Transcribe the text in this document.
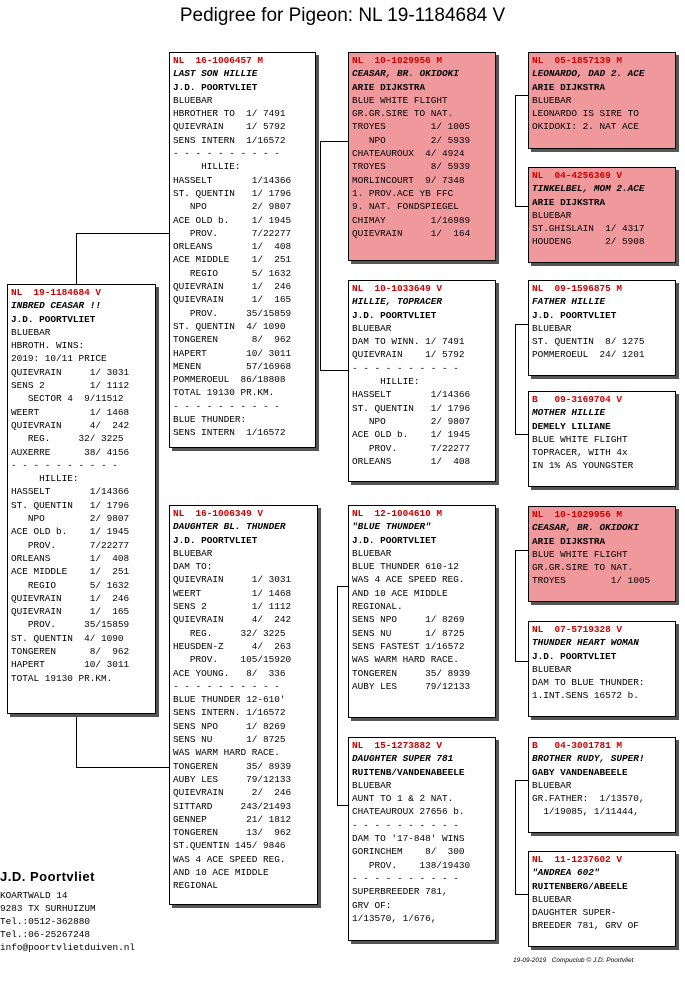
Pedigree for Pigeon: NL 19-1184684 V
NL  19-1184684 V
INBRED CEASAR !!
J.D. POORTVLIET
BLUEBAR
HBROTH. WINS:
2019: 10/11 PRICE
QUIEVRAIN     1/ 3031
SENS 2        1/ 1112
SECTOR 4  9/11512
WEERT         1/ 1468
QUIEVRAIN     4/  242
REG.     32/ 3225
AUXERRE      38/ 4156
- - - - - - - - - -
HILLIE:
HASSELT       1/14366
ST. QUENTIN   1/ 1796
NPO        2/ 9807
ACE OLD b.    1/ 1945
PROV.      7/22277
ORLEANS       1/  408
ACE MIDDLE    1/  251
REGIO      5/ 1632
QUIEVRAIN     1/  246
QUIEVRAIN     1/  165
PROV.     35/15859
ST. QUENTIN  4/ 1090
TONGEREN      8/  962
HAPERT       10/ 3011
TOTAL 19130 PR.KM.
NL  16-1006457 M
LAST SON HILLIE
J.D. POORTVLIET
BLUEBAR
HBROTHER TO  1/ 7491
QUIEVRAIN    1/ 5792
SENS INTERN  1/16572
- - - - - - - - - -
HILLIE:
HASSELT       1/14366
ST. QUENTIN   1/ 1796
NPO        2/ 9807
ACE OLD b.    1/ 1945
PROV.      7/22277
ORLEANS       1/  408
ACE MIDDLE    1/  251
REGIO      5/ 1632
QUIEVRAIN     1/  246
QUIEVRAIN     1/  165
PROV.     35/15859
ST. QUENTIN  4/ 1090
TONGEREN      8/  962
HAPERT       10/ 3011
MENEN        57/16968
POMMEROEUL  86/18808
TOTAL 19130 PR.KM.
- - - - - - - - - -
BLUE THUNDER:
SENS INTERN  1/16572
NL  16-1006349 V
DAUGHTER BL. THUNDER
J.D. POORTVLIET
BLUEBAR
DAM TO:
QUIEVRAIN     1/ 3031
WEERT         1/ 1468
SENS 2        1/ 1112
QUIEVRAIN     4/  242
REG.     32/ 3225
HEUSDEN-Z     4/  263
PROV.    105/15920
ACE YOUNG.   8/  336
- - - - - - - - - -
BLUE THUNDER 12-610'
SENS INTERN. 1/16572
SENS NPO     1/ 8269
SENS NU      1/ 8725
WAS WARM HARD RACE.
TONGEREN     35/ 8939
AUBY LES     79/12133
QUIEVRAIN     2/  246
SITTARD     243/21493
GENNEP       21/ 1812
TONGEREN     13/  962
ST.QUENTIN 145/ 9846
WAS 4 ACE SPEED REG.
AND 10 ACE MIDDLE
REGIONAL
NL  10-1029956 M
CEASAR, BR. OKIDOKI
ARIE DIJKSTRA
BLUE WHITE FLIGHT
GR.GR.SIRE TO NAT.
TROYES        1/ 1005
NPO        2/ 5939
CHATEAUROUX  4/ 4924
TROYES        8/ 5939
MORLINCOURT  9/ 7348
1. PROV.ACE YB FFC
9. NAT. FONDSPIEGEL
CHIMAY        1/16989
QUIEVRAIN     1/  164
NL  10-1033649 V
HILLIE, TOPRACER
J.D. POORTVLIET
BLUEBAR
DAM TO WINN. 1/ 7491
QUIEVRAIN    1/ 5792
- - - - - - - - - -
HILLIE:
HASSELT       1/14366
ST. QUENTIN   1/ 1796
NPO        2/ 9807
ACE OLD b.    1/ 1945
PROV.      7/22277
ORLEANS       1/  408
NL  12-1004610 M
"BLUE THUNDER"
J.D. POORTVLIET
BLUEBAR
BLUE THUNDER 610-12
WAS 4 ACE SPEED REG.
AND 10 ACE MIDDLE
REGIONAL.
SENS NPO     1/ 8269
SENS NU      1/ 8725
SENS FASTEST 1/16572
WAS WARM HARD RACE.
TONGEREN     35/ 8939
AUBY LES     79/12133
NL  15-1273882 V
DAUGHTER SUPER 781
RUITENB/VANDENABEELE
BLUEBAR
AUNT TO 1 & 2 NAT.
CHATEAUROUX 27656 b.
- - - - - - - - - -
DAM TO '17-848' WINS
GORINCHEM    8/  300
PROV.    138/19430
- - - - - - - - - -
SUPERBREEDER 781,
GRV OF:
1/13570, 1/676,
NL  05-1857139 M
LEONARDO, DAD 2. ACE
ARIE DIJKSTRA
BLUEBAR
LEONARDO IS SIRE TO
OKIDOKI: 2. NAT ACE
NL  04-4256369 V
TINKELBEL, MOM 2.ACE
ARIE DIJKSTRA
BLUEBAR
ST.GHISLAIN  1/ 4317
HOUDENG      2/ 5908
NL  09-1596875 M
FATHER HILLIE
J.D. POORTVLIET
BLUEBAR
ST. QUENTIN  8/ 1275
POMMEROEUL  24/ 1201
B   09-3169704 V
MOTHER HILLIE
DEMELY LILIANE
BLUE WHITE FLIGHT
TOPRACER, WITH 4x
IN 1% AS YOUNGSTER
NL  10-1029956 M
CEASAR, BR. OKIDOKI
ARIE DIJKSTRA
BLUE WHITE FLIGHT
GR.GR.SIRE TO NAT.
TROYES        1/ 1005
NL  07-5719328 V
THUNDER HEART WOMAN
J.D. POORTVLIET
BLUEBAR
DAM TO BLUE THUNDER:
1.INT.SENS 16572 b.
B   04-3001781 M
BROTHER RUDY, SUPER!
GABY VANDENABEELE
BLUEBAR
GR.FATHER:  1/13570,
1/19085, 1/11444,
NL  11-1237602 V
"ANDREA 602"
RUITENBERG/ABEELE
BLUEBAR
DAUGHTER SUPER-
BREEDER 781, GRV OF
J.D. Poortvliet
KOARTWALD 14
9283 TX SURHUIZUM
Tel.:0512-362880
Tel.:06-25267248
info@poortvlietduiven.nl
19-09-2019   Compuclub © J.D. Poortvliet
